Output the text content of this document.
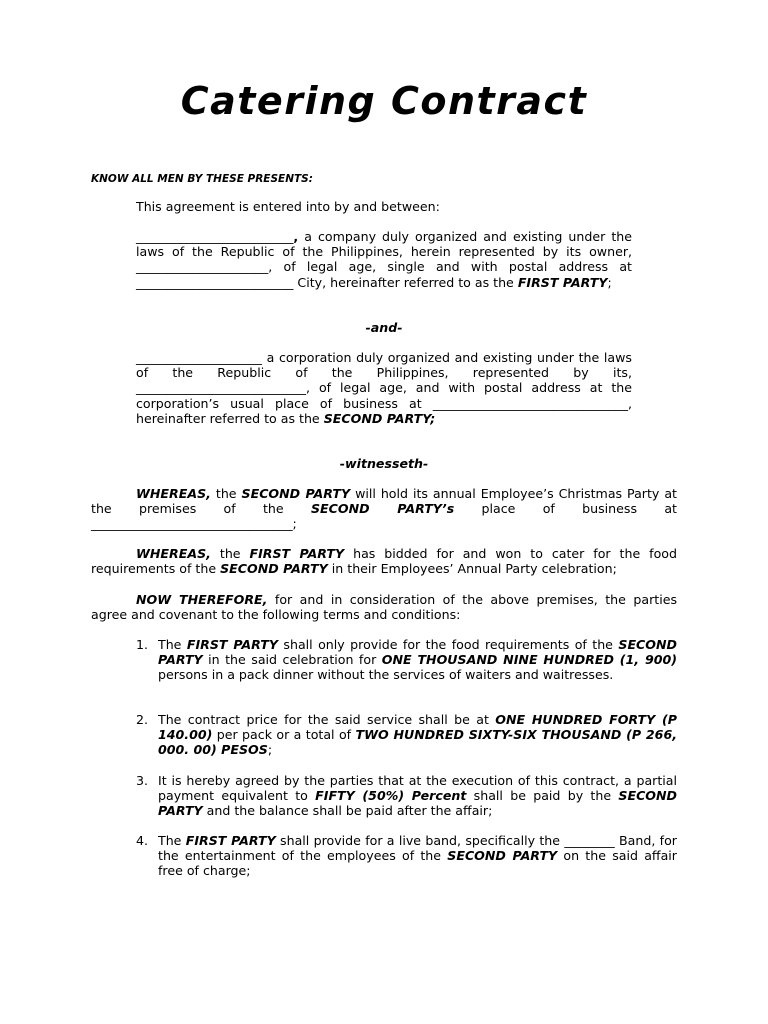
Catering Contract

KNOW ALL MEN BY THESE PRESENTS:

This agreement is entered into by and between:

_________________________, a company duly organized and existing under the laws of the Republic of the Philippines, herein represented by its owner, _____________________, of legal age, single and with postal address at _________________________ City, hereinafter referred to as the FIRST PARTY;

-and-

____________________ a corporation duly organized and existing under the laws of the Republic of the Philippines, represented by its, ___________________________, of legal age, and with postal address at the corporation’s usual place of business at _______________________________, hereinafter referred to as the SECOND PARTY;

-witnesseth-

WHEREAS, the SECOND PARTY will hold its annual Employee’s Christmas Party at the premises of the SECOND PARTY’s place of business at ________________________________;

WHEREAS, the FIRST PARTY has bidded for and won to cater for the food requirements of the SECOND PARTY in their Employees’ Annual Party celebration;

NOW THEREFORE, for and in consideration of the above premises, the parties agree and covenant to the following terms and conditions:

1. The FIRST PARTY shall only provide for the food requirements of the SECOND PARTY in the said celebration for ONE THOUSAND NINE HUNDRED (1, 900) persons in a pack dinner without the services of waiters and waitresses.

2. The contract price for the said service shall be at ONE HUNDRED FORTY (P 140.00) per pack or a total of TWO HUNDRED SIXTY-SIX THOUSAND (P 266, 000. 00) PESOS;

3. It is hereby agreed by the parties that at the execution of this contract, a partial payment equivalent to FIFTY (50%) Percent shall be paid by the SECOND PARTY and the balance shall be paid after the affair;

4. The FIRST PARTY shall provide for a live band, specifically the ________ Band, for the entertainment of the employees of the SECOND PARTY on the said affair free of charge;
